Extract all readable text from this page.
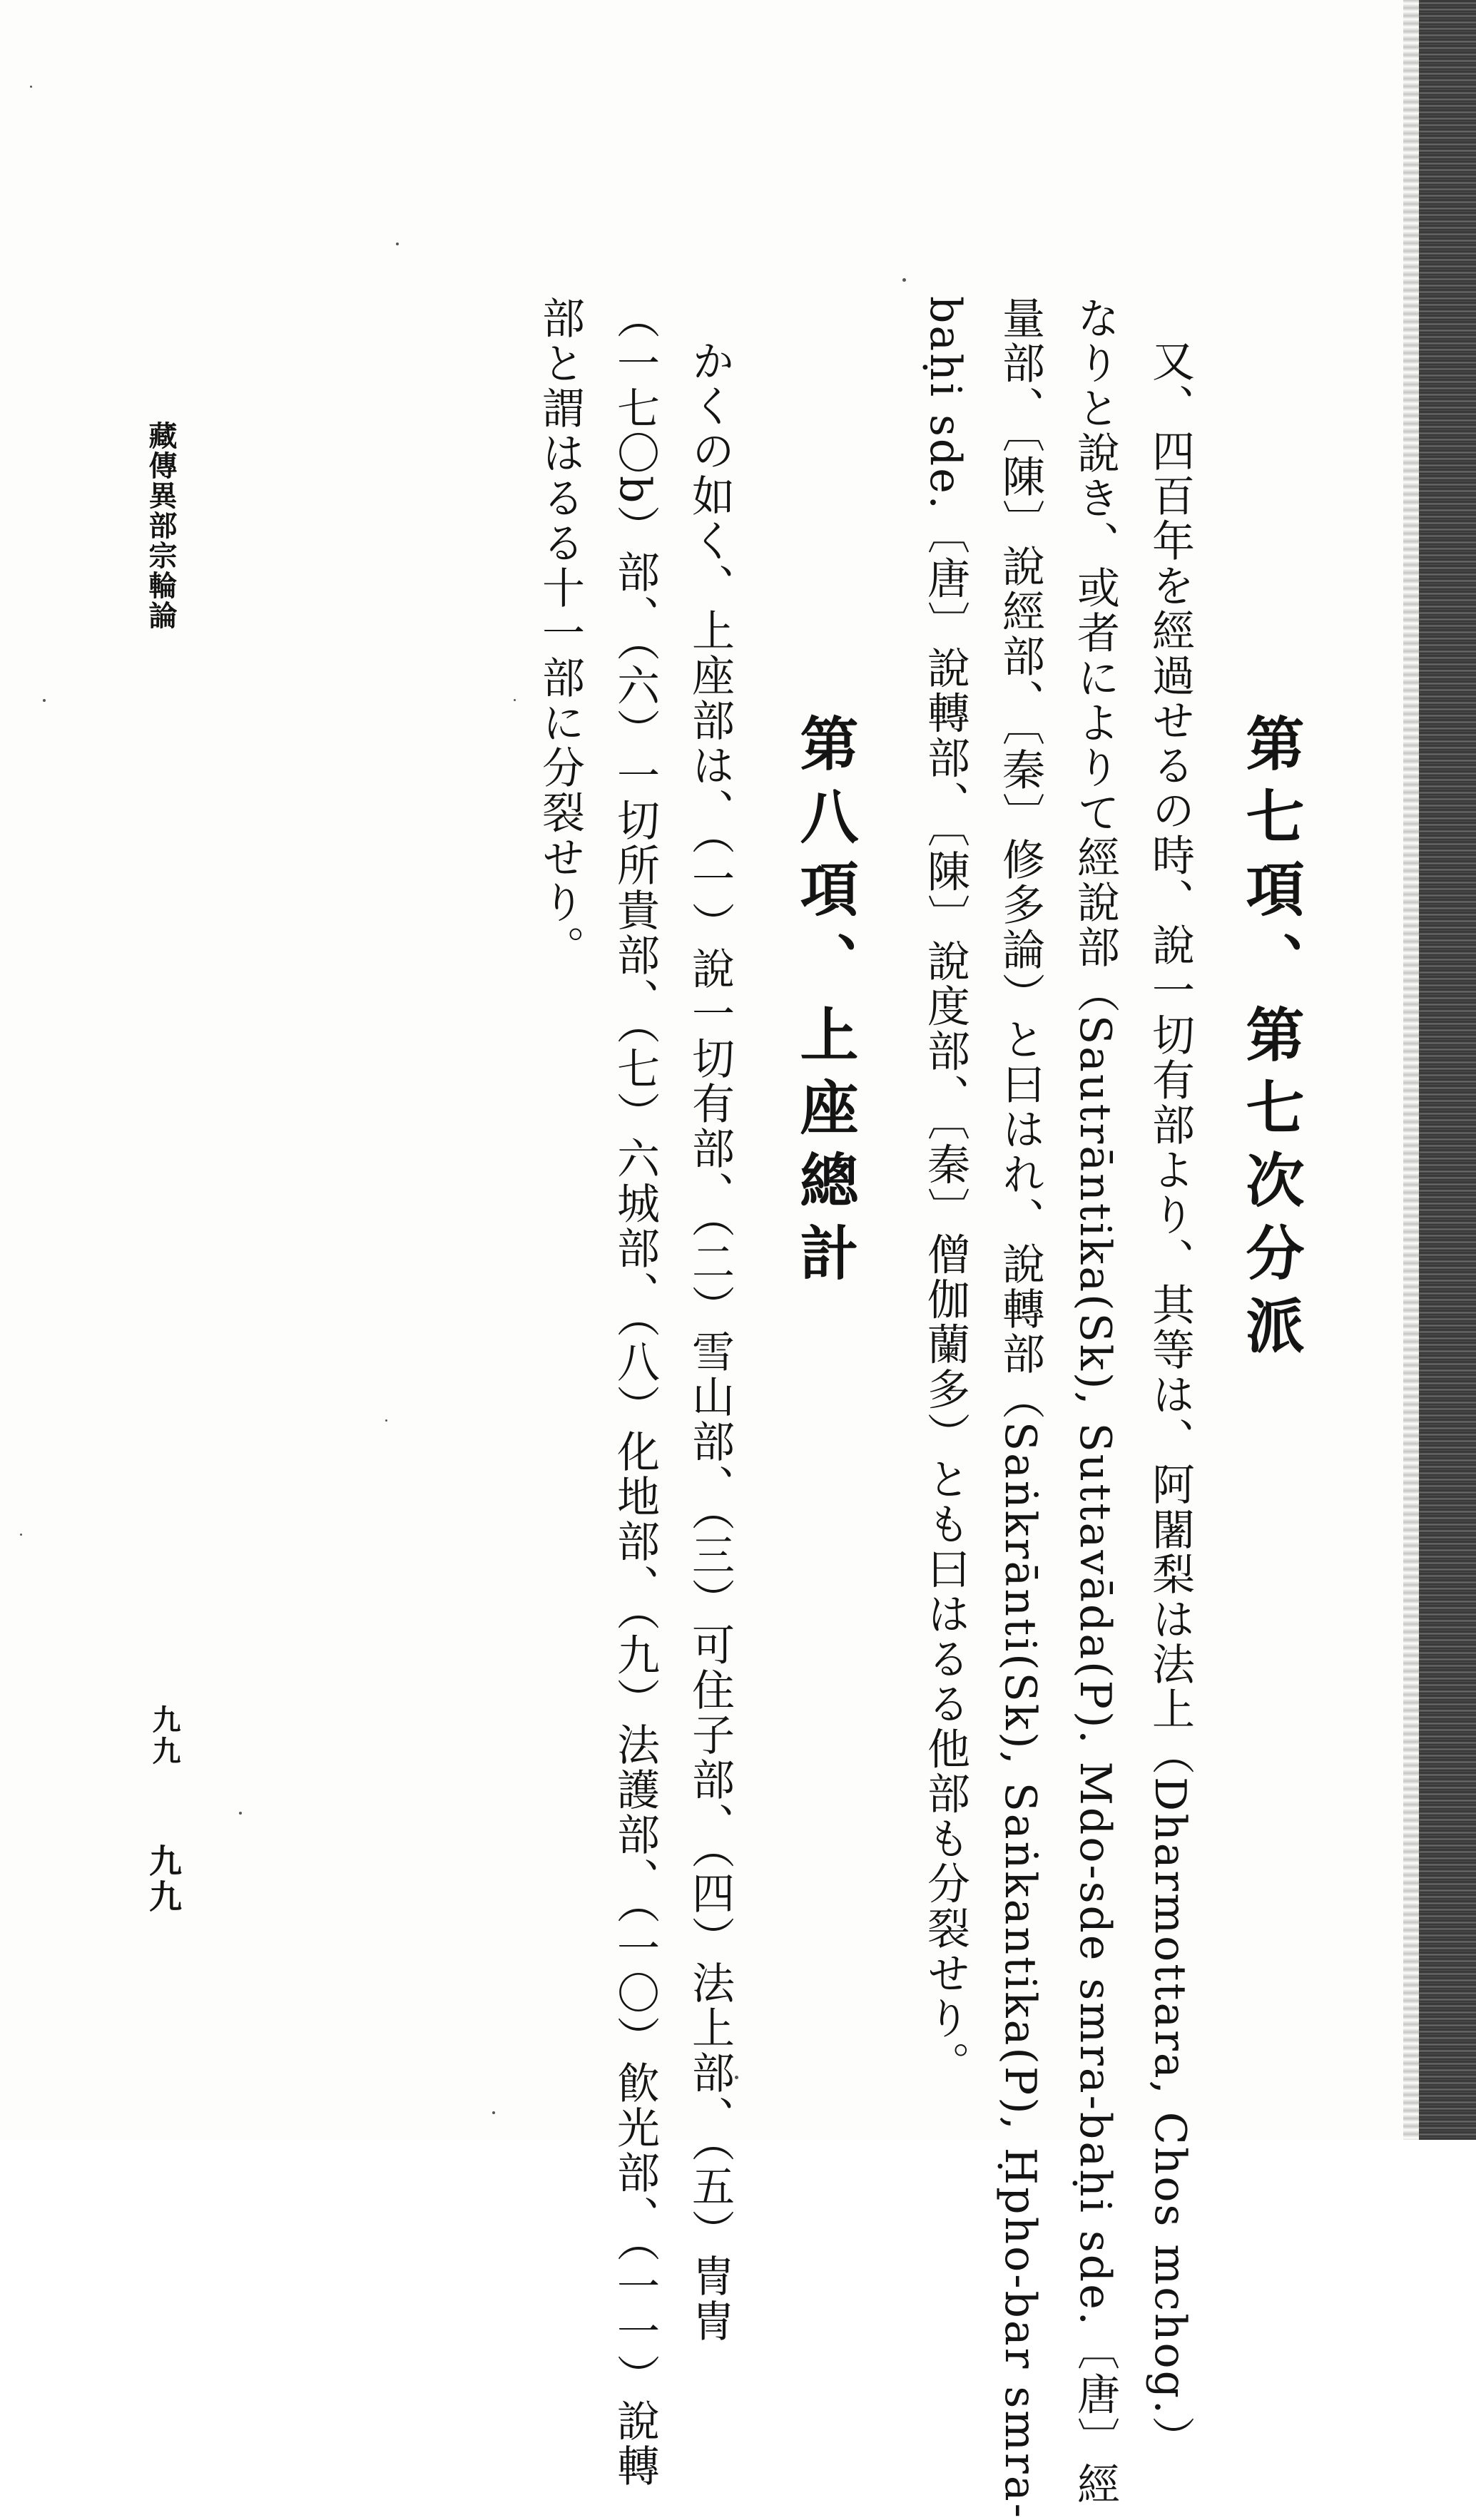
第七項、第七次分派
又、四百年を經過せるの時、說一切有部より、其等は、阿闍梨は法上（Dharmottara, Chos mchog.）
なりと說き、或者によりて經說部（Sautrāntika(Sk), Suttavāda(P). Mdo-sde smra-baḥi sde.〔唐〕經
量部、〔陳〕說經部、〔秦〕修多論）と曰はれ、說轉部（Saṅkrānti(Sk), Saṅkantika(P), Ḥpho-bar smra-
baḥi sde.〔唐〕說轉部、〔陳〕說度部、〔秦〕僧伽蘭多）とも曰はるる他部も分裂せり。
第八項、上座總計
かくの如く、上座部は、（一）說一切有部、（二）雪山部、（三）可住子部、（四）法上部、（五）冑冑
（一七〇b）部、（六）一切所貴部、（七）六城部、（八）化地部、（九）法護部、（一〇）飮光部、（一一）說轉
部と謂はるる十一部に分裂せり。
藏傳異部宗輪論
九九
九九
